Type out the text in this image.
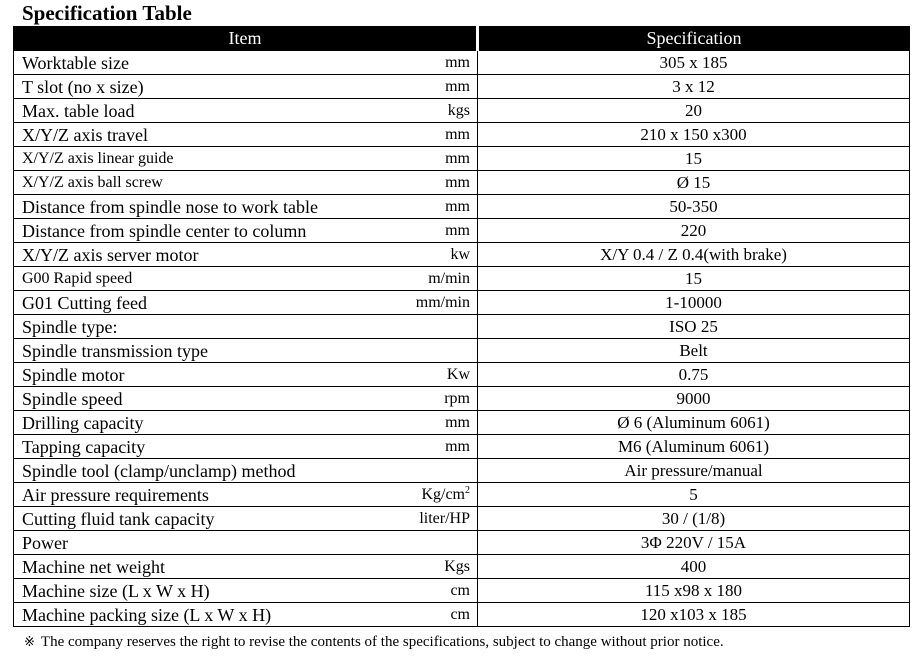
Specification Table
Item	Specification

Worktable size mm	305 x 185

T slot (no x size) mm	3 x 12

Max. table load kgs	20

X/Y/Z axis travel mm	210 x 150 x300

X/Y/Z axis linear guide mm	15

X/Y/Z axis ball screw mm	Ø 15

Distance from spindle nose to work table mm	50-350

Distance from spindle center to column mm	220

X/Y/Z axis server motor kw	X/Y 0.4 / Z 0.4(with brake)

G00 Rapid speed m/min	15

G01 Cutting feed mm/min	1-10000

Spindle type:	ISO 25

Spindle transmission type	Belt

Spindle motor Kw	0.75

Spindle speed rpm	9000

Drilling capacity mm	Ø 6 (Aluminum 6061)

Tapping capacity mm	M6 (Aluminum 6061)

Spindle tool (clamp/unclamp) method	Air pressure/manual

Air pressure requirements $Kg/cm^2$	5

Cutting fluid tank capacity liter/HP	30 / (1/8)

Power	3Φ 220V / 15A

Machine net weight Kgs	400

Machine size (L x W x H) cm	115 x98 x 180

Machine packing size (L x W x H) cm	120 x103 x 185
※ The company reserves the right to revise the contents of the specifications, subject to change without prior notice.
